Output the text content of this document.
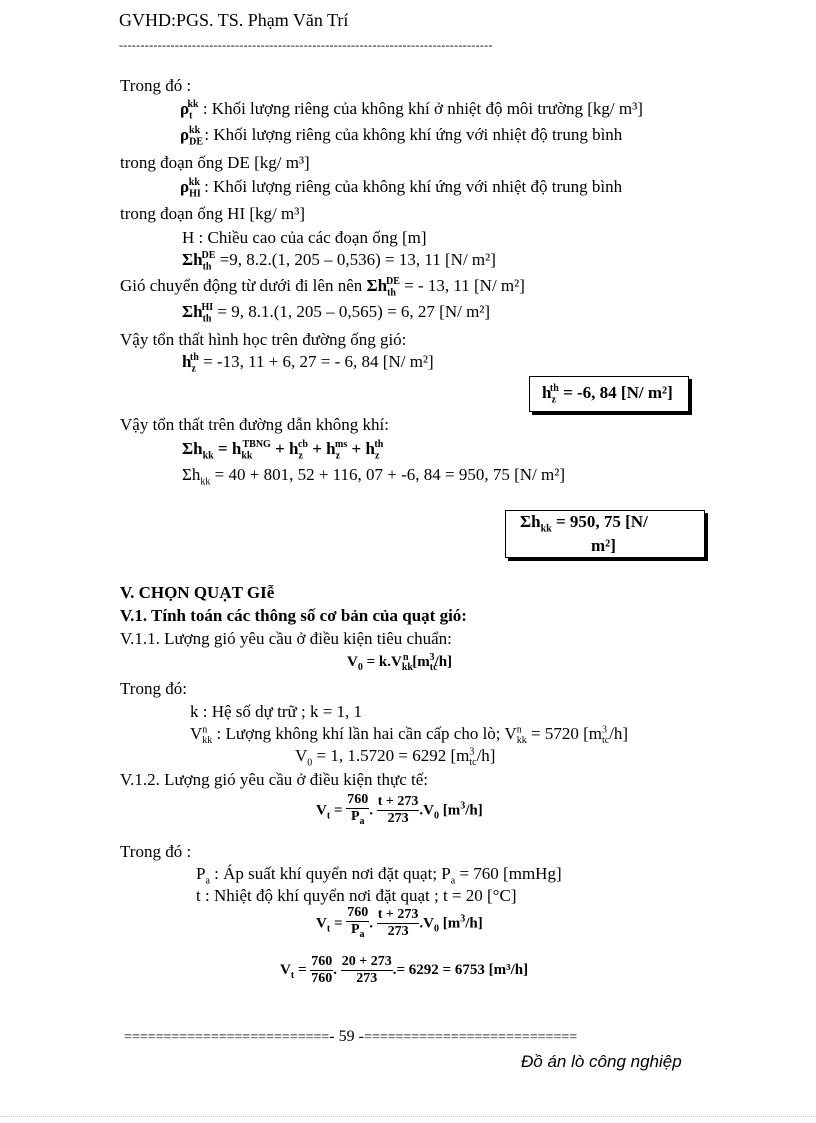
GVHD:PGS. TS. Phạm Văn Trí
---------------------------------------------------------------------------------------
Trong đó :
$\rho_t^{kk}$ : Khối lượng riêng của không khí ở nhiệt độ môi trường [kg/ m³]
$\rho_{DE}^{kk}$ : Khối lượng riêng của không khí ứng với nhiệt độ trung bình
trong đoạn ống DE [kg/ m³]
$\rho_{HI}^{kk}$ : Khối lượng riêng của không khí ứng với nhiệt độ trung bình
trong đoạn ống HI [kg/ m³]
H : Chiều cao của các đoạn ống [m]
$\Sigma h_{th}^{DE} =9$, 8.2.(1, 205 – 0,536) = 13, 11 [N/ m²]
Gió chuyển động từ dưới đi lên nên $\Sigma h_{th}^{DE}$ = - 13, 11 [N/ m²]
$\Sigma h_{th}^{HI} = 9$, 8.1.(1, 205 – 0,565) = 6, 27 [N/ m²]
Vậy tổn thất hình học trên đường ống gió:
$h_z^{th} = -13$, 11 + 6, 27 = - 6, 84 [N/ m²]
$h_z^{th} = -6$, 84 [N/ m²]
Vậy tổn thất trên đường dẫn không khí:
$\Sigma h_{kk} = h_{kk}^{TBNG} + h_z^{cb} + h_z^{ms} + h_z^{th}$
$\Sigma h_{kk} = 40 + 801$, 52 + 116, 07 + -6, 84 = 950, 75 [N/ m²]
$\Sigma h_{kk} = 950$, 75 [N/
m²]
V. CHỌN QUẠT GIễ
V.1. Tính toán các thông số cơ bản của quạt gió:
V.1.1. Lượng gió yêu cầu ở điều kiện tiêu chuẩn:
$V_0 = k.V_{kk}^n$ $[m_{tc}^3/h]$
Trong đó:
k : Hệ số dự trữ ; k = 1, 1
$V^n_{kk}$ : Lượng không khí lần hai cần cấp cho lò; $V^n_{kk} = 5720$ $[m^3_{tc}/h]$
$V_0 = 1$, 1.5720 = 6292 $[m^3_{tc}/h]$
V.1.2. Lượng gió yêu cầu ở điều kiện thực tế:
$V_t = \frac{760}{P_a}$ . $\frac{t + 273}{273} .V_0$ $[m^3/h]$
Trong đó :
$P_a$ : Áp suất khí quyển nơi đặt quạt; $P_a = 760$ [mmHg]
t : Nhiệt độ khí quyển nơi đặt quạt ; t = 20 [°C]
$V_t = \frac{760}{P_a}$ . $\frac{t + 273}{273} .V_0$ $[m^3/h]$
$V_t = \frac{760}{760}$ . $\frac{20 + 273}{273}$ .= 6292 = 6753 [m³/h]
==========================- 59 -===========================
Đồ án lò công nghiệp
